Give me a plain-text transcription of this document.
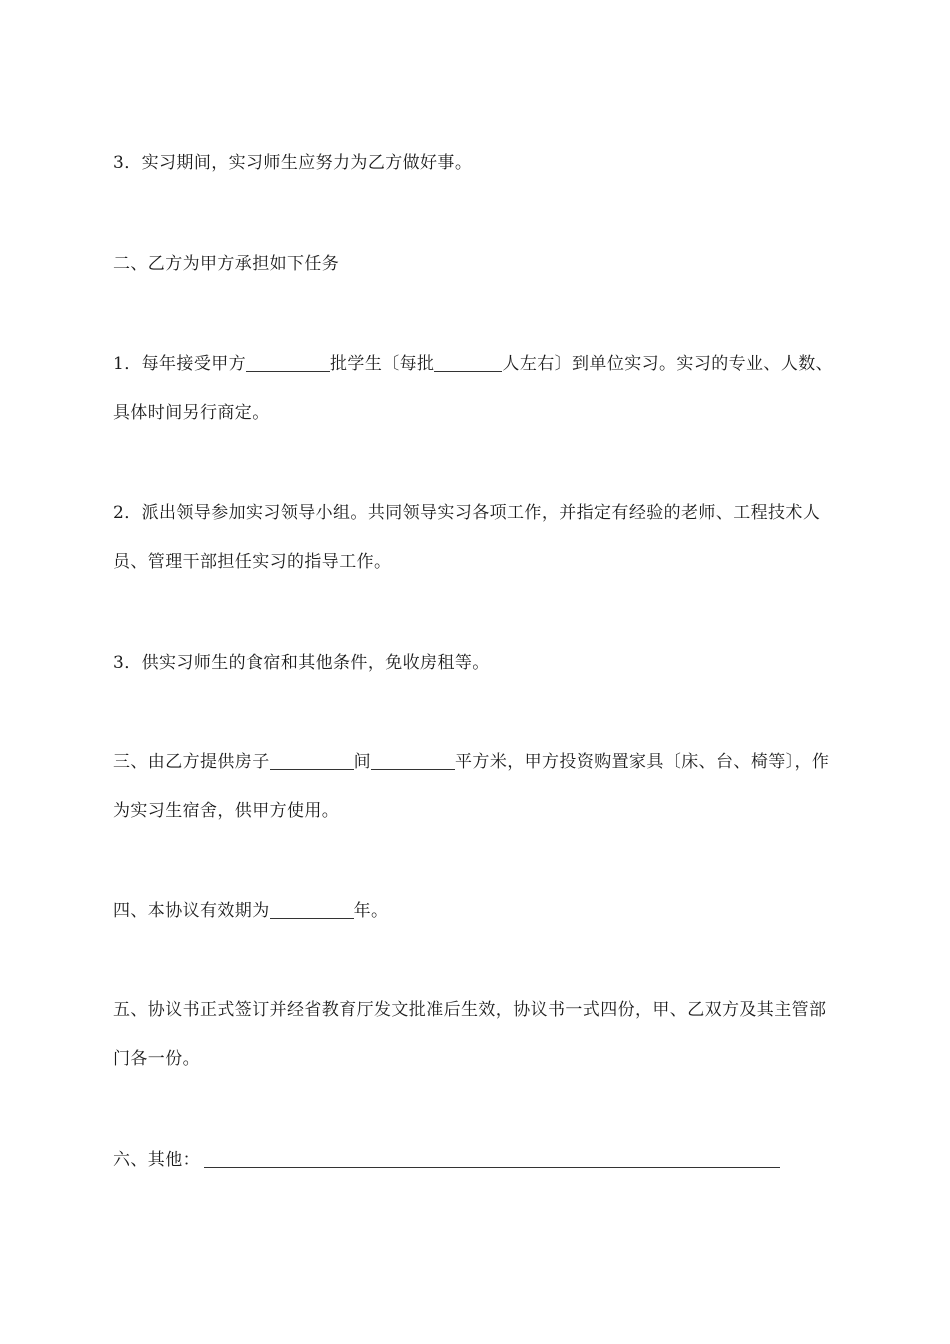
3．实习期间，实习师生应努力为乙方做好事。
二、乙方为甲方承担如下任务
1．每年接受甲方	批学生〔每批	人左右〕到单位实习。实习的专业、人数、具体时间另行商定。
2．派出领导参加实习领导小组。共同领导实习各项工作，并指定有经验的老师、工程技术人员、管理干部担任实习的指导工作。
3．供实习师生的食宿和其他条件，免收房租等。
三、由乙方提供房子	间	平方米，甲方投资购置家具〔床、台、椅等〕，作为实习生宿舍，供甲方使用。
四、本协议有效期为	年。
五、协议书正式签订并经省教育厅发文批准后生效，协议书一式四份，甲、乙双方及其主管部门各一份。
六、其他：
